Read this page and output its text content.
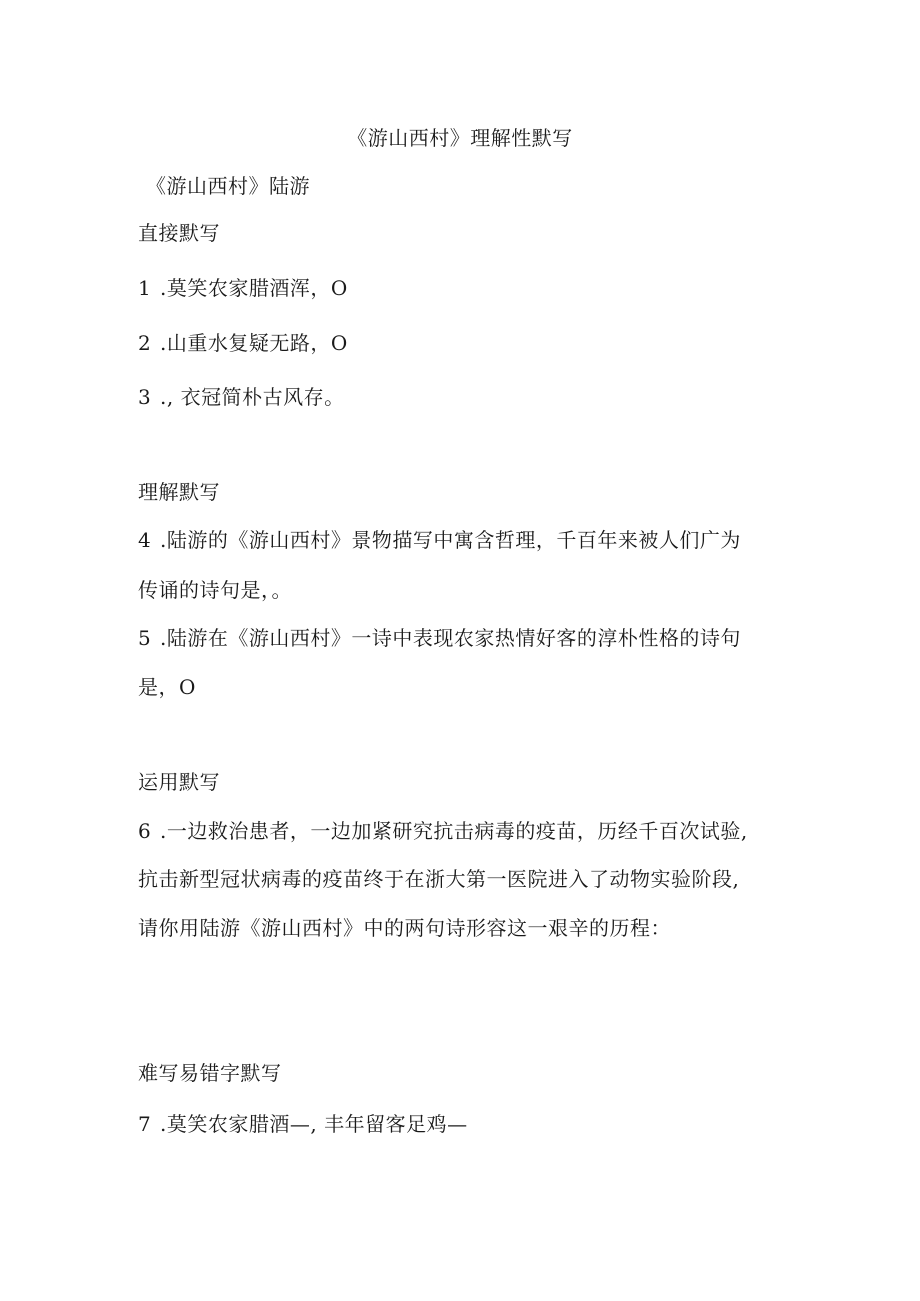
《游山西村》理解性默写
《游山西村》陆游
直接默写
1 .莫笑农家腊酒浑，O
2 .山重水复疑无路，O
3 ., 衣冠简朴古风存。
理解默写
4 .陆游的《游山西村》景物描写中寓含哲理，千百年来被人们广为
传诵的诗句是，。
5 .陆游在《游山西村》一诗中表现农家热情好客的淳朴性格的诗句
是，O
运用默写
6 .一边救治患者，一边加紧研究抗击病毒的疫苗，历经千百次试验,
抗击新型冠状病毒的疫苗终于在浙大第一医院进入了动物实验阶段,
请你用陆游《游山西村》中的两句诗形容这一艰辛的历程：
难写易错字默写
7 .莫笑农家腊酒—, 丰年留客足鸡—
